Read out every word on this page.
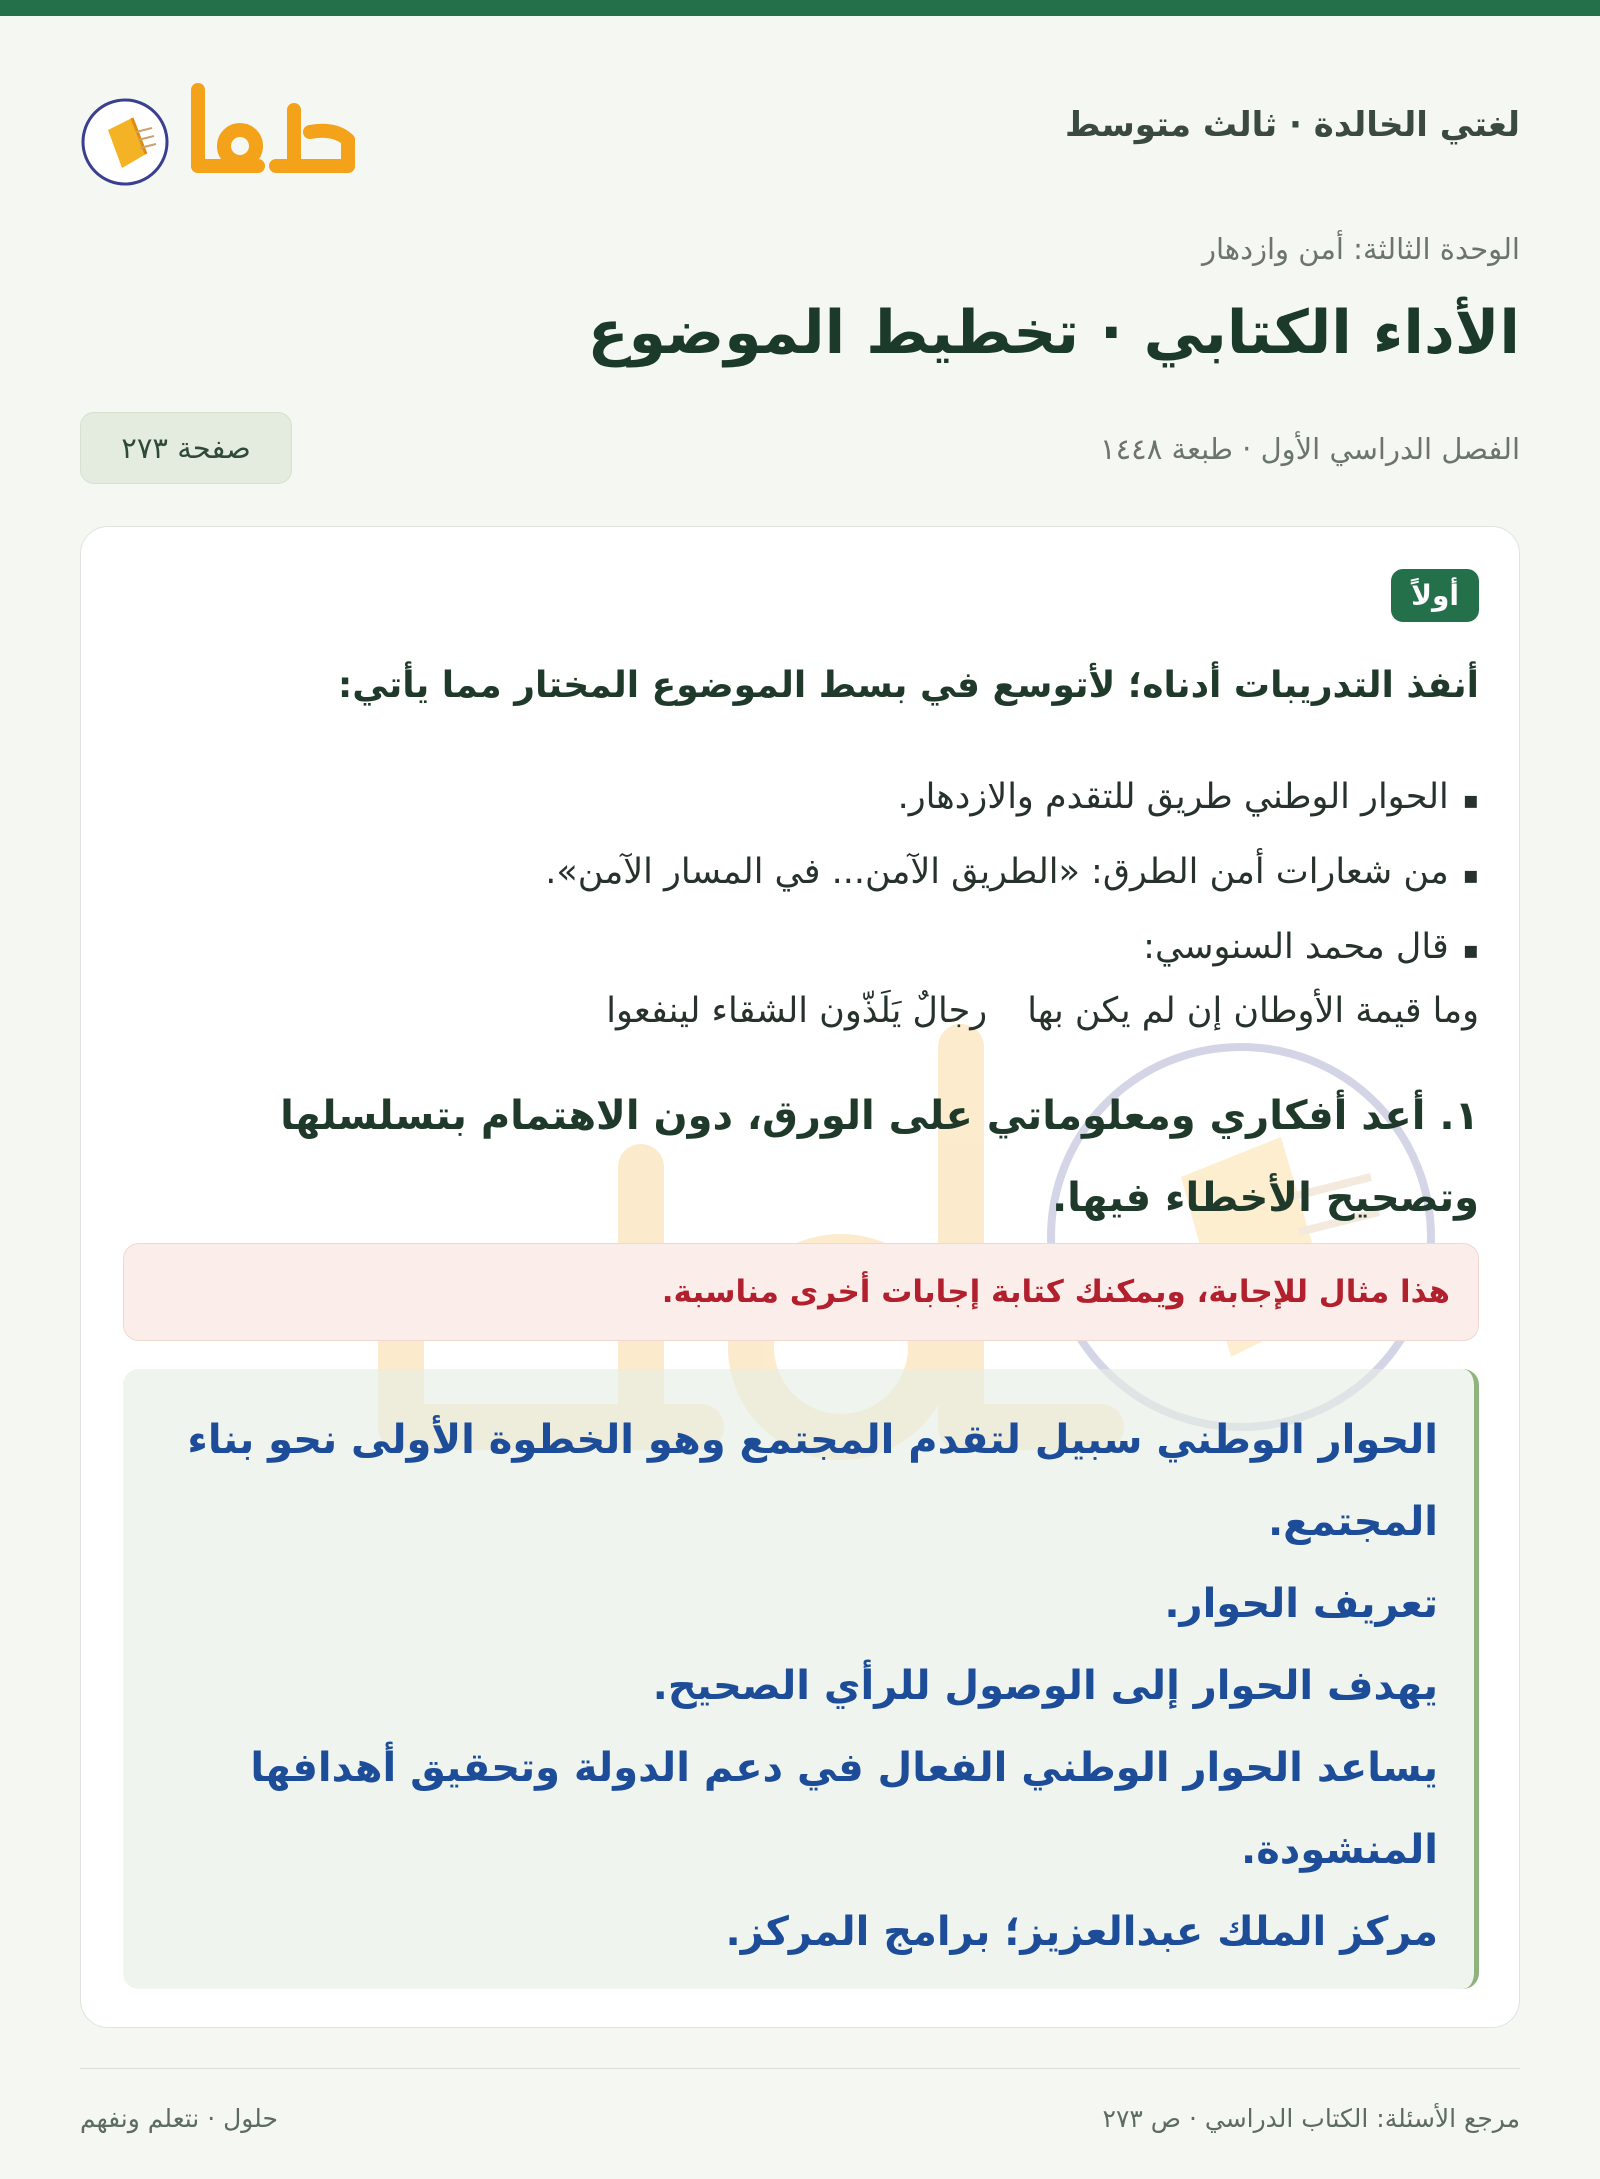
لغتي الخالدة · ثالث متوسط
الوحدة الثالثة: أمن وازدهار
الأداء الكتابي · تخطيط الموضوع
الفصل الدراسي الأول · طبعة ١٤٤٨
صفحة ٢٧٣
أولاً
أنفذ التدريبات أدناه؛ لأتوسع في بسط الموضوع المختار مما يأتي:
▪الحوار الوطني طريق للتقدم والازدهار.
▪من شعارات أمن الطرق: «الطريق الآمن... في المسار الآمن».
▪قال محمد السنوسي:
وما قيمة الأوطان إن لم يكن بهارجالٌ يَلَذّون الشقاء لينفعوا
١. أعد أفكاري ومعلوماتي على الورق، دون الاهتمام بتسلسلها وتصحيح الأخطاء فيها.
هذا مثال للإجابة، ويمكنك كتابة إجابات أخرى مناسبة.

الحوار الوطني سبيل لتقدم المجتمع وهو الخطوة الأولى نحو بناء المجتمع.

تعريف الحوار.

يهدف الحوار إلى الوصول للرأي الصحيح.

يساعد الحوار الوطني الفعال في دعم الدولة وتحقيق أهدافها المنشودة.

مركز الملك عبدالعزيز؛ برامج المركز.

مرجع الأسئلة: الكتاب الدراسي · ص ٢٧٣
حلول · نتعلم ونفهم
